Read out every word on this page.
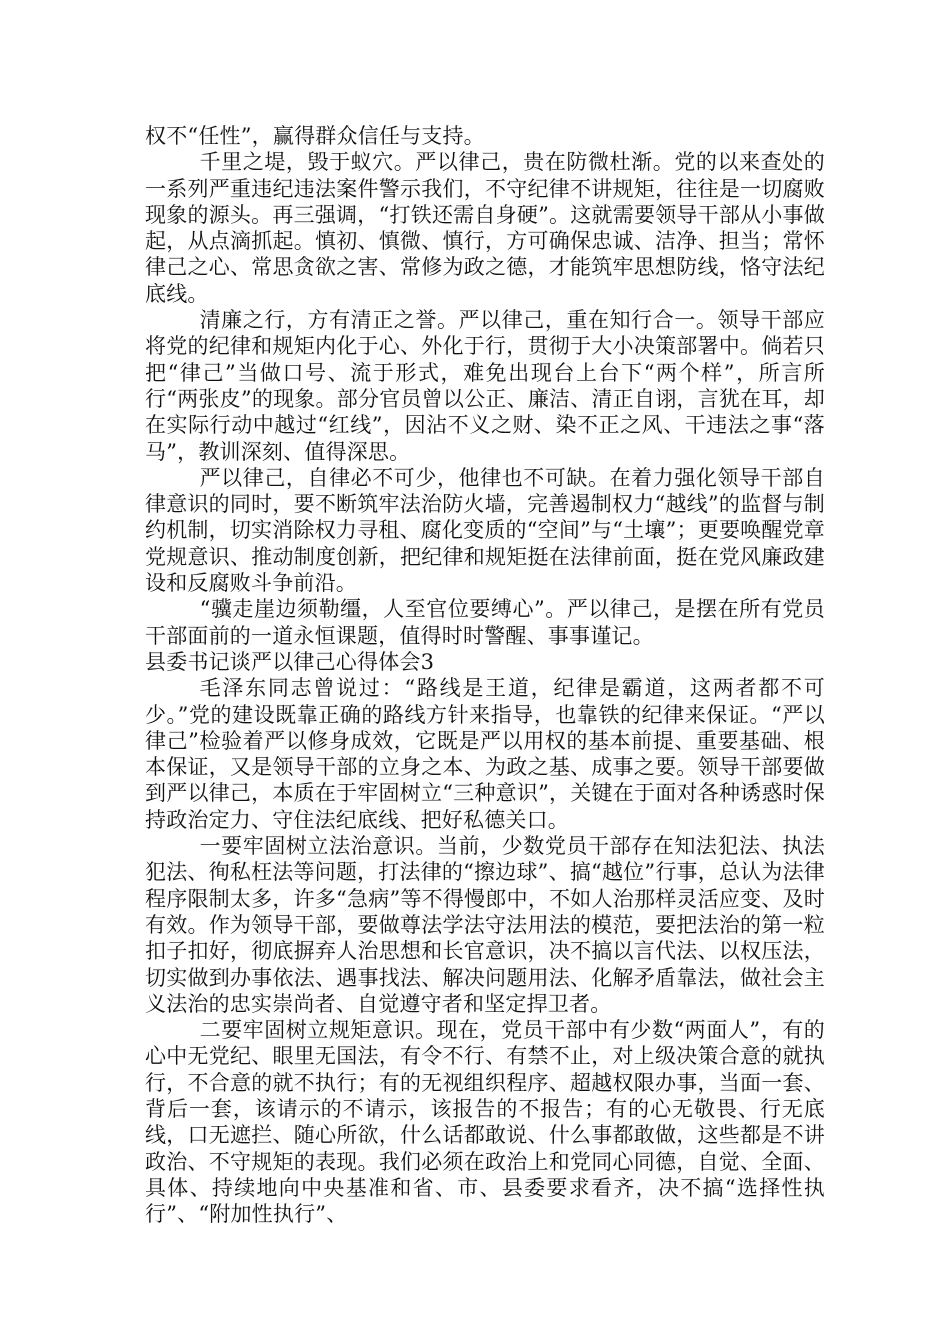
权不“任性”，赢得群众信任与支持。

千里之堤，毁于蚁穴。严以律己，贵在防微杜渐。党的以来查处的一系列严重违纪违法案件警示我们，不守纪律不讲规矩，往往是一切腐败现象的源头。再三强调，“打铁还需自身硬”。这就需要领导干部从小事做起，从点滴抓起。慎初、慎微、慎行，方可确保忠诚、洁净、担当；常怀律己之心、常思贪欲之害、常修为政之德，才能筑牢思想防线，恪守法纪底线。

清廉之行，方有清正之誉。严以律己，重在知行合一。领导干部应将党的纪律和规矩内化于心、外化于行，贯彻于大小决策部署中。倘若只把“律己”当做口号、流于形式，难免出现台上台下“两个样”，所言所行“两张皮”的现象。部分官员曾以公正、廉洁、清正自诩，言犹在耳，却在实际行动中越过“红线”，因沾不义之财、染不正之风、干违法之事“落马”，教训深刻、值得深思。

严以律己，自律必不可少，他律也不可缺。在着力强化领导干部自律意识的同时，要不断筑牢法治防火墙，完善遏制权力“越线”的监督与制约机制，切实消除权力寻租、腐化变质的“空间”与“土壤”；更要唤醒党章党规意识、推动制度创新，把纪律和规矩挺在法律前面，挺在党风廉政建设和反腐败斗争前沿。

“骥走崖边须勒缰，人至官位要缚心”。严以律己，是摆在所有党员干部面前的一道永恒课题，值得时时警醒、事事谨记。

县委书记谈严以律己心得体会3

毛泽东同志曾说过：“路线是王道，纪律是霸道，这两者都不可少。”党的建设既靠正确的路线方针来指导，也靠铁的纪律来保证。“严以律己”检验着严以修身成效，它既是严以用权的基本前提、重要基础、根本保证，又是领导干部的立身之本、为政之基、成事之要。领导干部要做到严以律己，本质在于牢固树立“三种意识”，关键在于面对各种诱惑时保持政治定力、守住法纪底线、把好私德关口。

一要牢固树立法治意识。当前，少数党员干部存在知法犯法、执法犯法、徇私枉法等问题，打法律的“擦边球”、搞“越位”行事，总认为法律程序限制太多，许多“急病”等不得慢郎中，不如人治那样灵活应变、及时有效。作为领导干部，要做尊法学法守法用法的模范，要把法治的第一粒扣子扣好，彻底摒弃人治思想和长官意识，决不搞以言代法、以权压法，切实做到办事依法、遇事找法、解决问题用法、化解矛盾靠法，做社会主义法治的忠实崇尚者、自觉遵守者和坚定捍卫者。

二要牢固树立规矩意识。现在，党员干部中有少数“两面人”，有的心中无党纪、眼里无国法，有令不行、有禁不止，对上级决策合意的就执行，不合意的就不执行；有的无视组织程序、超越权限办事，当面一套、背后一套，该请示的不请示，该报告的不报告；有的心无敬畏、行无底线，口无遮拦、随心所欲，什么话都敢说、什么事都敢做，这些都是不讲政治、不守规矩的表现。我们必须在政治上和党同心同德，自觉、全面、具体、持续地向中央基准和省、市、县委要求看齐，决不搞“选择性执行”、“附加性执行”、
